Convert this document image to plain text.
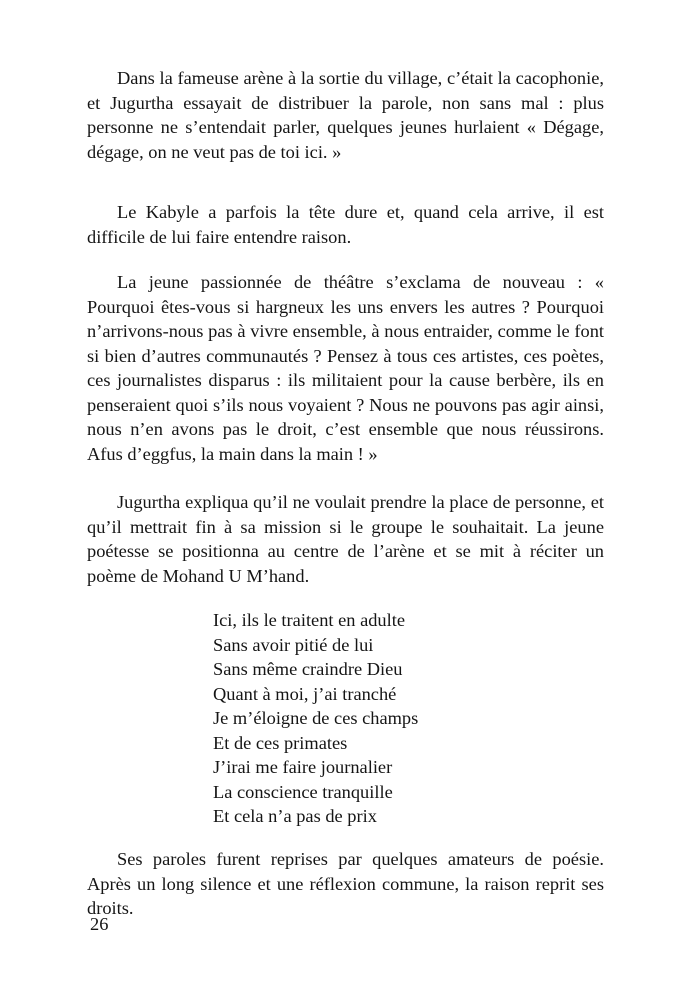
Dans la fameuse arène à la sortie du village, c’était la cacophonie, et Jugurtha essayait de distribuer la parole, non sans mal : plus personne ne s’entendait parler, quelques jeunes hurlaient « Dégage, dégage, on ne veut pas de toi ici. »

Le Kabyle a parfois la tête dure et, quand cela arrive, il est difficile de lui faire entendre raison.

La jeune passionnée de théâtre s’exclama de nouveau : « Pourquoi êtes-vous si hargneux les uns envers les autres ? Pourquoi n’arrivons-nous pas à vivre ensemble, à nous entraider, comme le font si bien d’autres communautés ? Pensez à tous ces artistes, ces poètes, ces journalistes disparus : ils militaient pour la cause berbère, ils en penseraient quoi s’ils nous voyaient ? Nous ne pouvons pas agir ainsi, nous n’en avons pas le droit, c’est ensemble que nous réussirons. Afus d’eggfus, la main dans la main ! »

Jugurtha expliqua qu’il ne voulait prendre la place de personne, et qu’il mettrait fin à sa mission si le groupe le souhaitait. La jeune poétesse se positionna au centre de l’arène et se mit à réciter un poème de Mohand U M’hand.

Ici, ils le traitent en adulte
Sans avoir pitié de lui
Sans même craindre Dieu
Quant à moi, j’ai tranché
Je m’éloigne de ces champs
Et de ces primates
J’irai me faire journalier
La conscience tranquille
Et cela n’a pas de prix

Ses paroles furent reprises par quelques amateurs de poésie. Après un long silence et une réflexion commune, la raison reprit ses droits.

26
